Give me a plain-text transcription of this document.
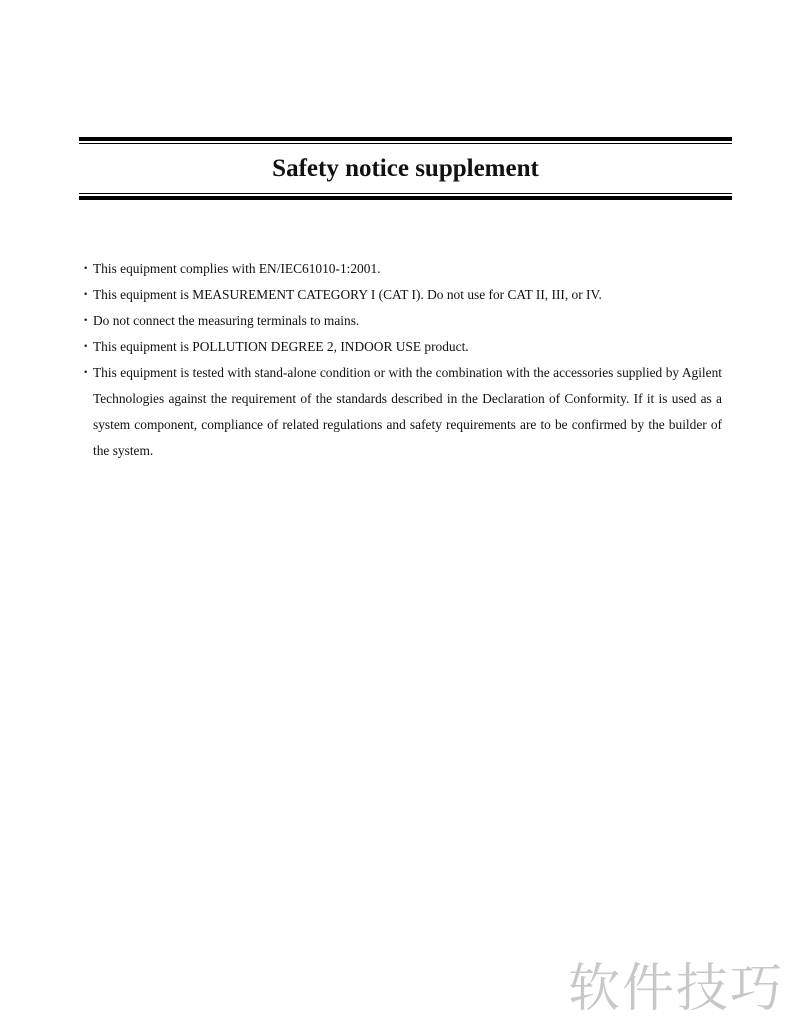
Safety notice supplement
・ This equipment complies with EN/IEC61010-1:2001.
・ This equipment is MEASUREMENT CATEGORY I (CAT I). Do not use for CAT II, III, or IV.
・ Do not connect the measuring terminals to mains.
・ This equipment is POLLUTION DEGREE 2, INDOOR USE product.
・ This equipment is tested with stand-alone condition or with the combination with the accessories supplied by Agilent Technologies against the requirement of the standards described in the Declaration of Conformity. If it is used as a system component, compliance of related regulations and safety requirements are to be confirmed by the builder of the system.
软件技巧
